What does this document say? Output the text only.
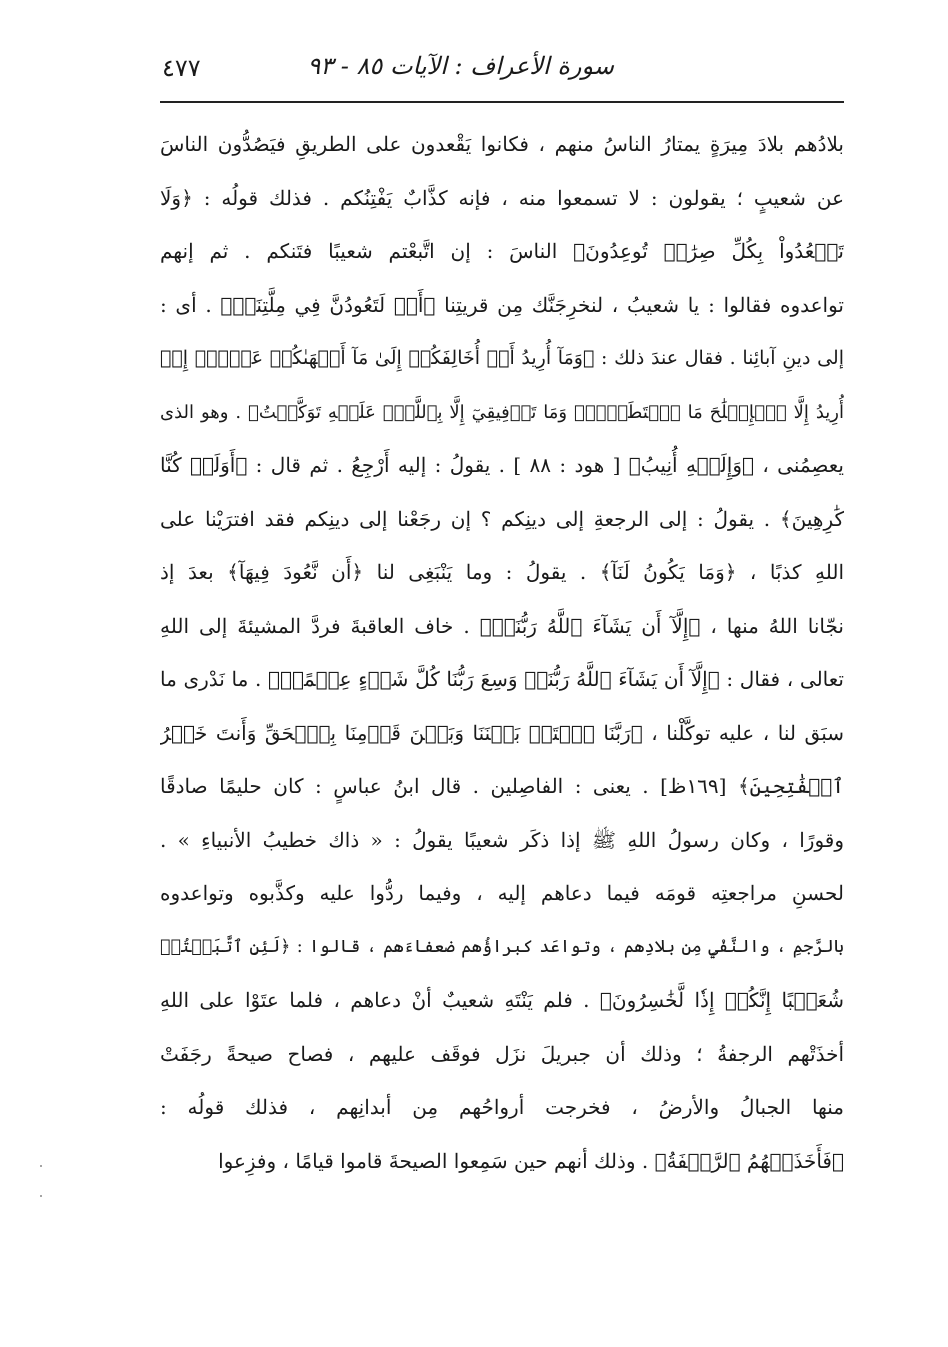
سورة الأعراف : الآيات ٨٥ - ٩٣
٤٧٧
بلادُهم بلادَ مِيرَةٍ يمتارُ الناسُ منهم ، فكانوا يَقْعدون على الطريقِ فيَصُدُّون الناسَ
عن شعيبٍ ؛ يقولون : لا تسمعوا منه ، فإنه كذَّابٌ يَفْتِنُكم . فذلك قولُه : ﴿وَلَا
تَقۡعُدُواْ بِكُلِّ صِرَٰطٖ تُوعِدُونَ﴾ الناسَ : إن اتَّبعْتم شعيبًا فتَنكم . ثم إنهم
تواعدوه فقالوا : يا شعيبُ ، لنخرِجَنَّك مِن قريتِنا ﴿أَوۡ لَتَعُودُنَّ فِي مِلَّتِنَاۚ﴾ . أى :
إلى دينِ آبائِنا . فقال عندَ ذلك : ﴿وَمَآ أُرِيدُ أَنۡ أُخَالِفَكُمۡ إِلَىٰ مَآ أَنۡهَىٰكُمۡ عَنۡهُۚ إِنۡ
أُرِيدُ إِلَّا ٱلۡإِصۡلَٰحَ مَا ٱسۡتَطَعۡتُۚ وَمَا تَوۡفِيقِيٓ إِلَّا بِٱللَّهِۚ عَلَيۡهِ تَوَكَّلۡتُ﴾ . وهو الذى
يعصِمُنى ، ﴿وَإِلَيۡهِ أُنِيبُ﴾ [ هود : ٨٨ ] . يقولُ : إليه أَرْجِعُ . ثم قال : ﴿أَوَلَوۡ كُنَّا
كَٰرِهِينَ﴾ . يقولُ : إلى الرجعةِ إلى دينِكم ؟ إن رجَعْنا إلى دينِكم فقد افترَيْنا على
اللهِ كذبًا ، ﴿وَمَا يَكُونُ لَنَآ﴾ . يقولُ : وما يَنْبَغِى لنا ﴿أَن نَّعُودَ فِيهَآ﴾ بعدَ إذ
نجّانا اللهُ منها ، ﴿إِلَّآ أَن يَشَآءَ ٱللَّهُ رَبُّنَاۚ﴾ . خاف العاقبةَ فردَّ المشيئةَ إلى اللهِ
تعالى ، فقال : ﴿إِلَّآ أَن يَشَآءَ ٱللَّهُ رَبُّنَاۚ وَسِعَ رَبُّنَا كُلَّ شَيۡءٍ عِلۡمًاۚ﴾ . ما نَدْرى ما
سبَق لنا ، عليه توكَّلْنا ، ﴿رَبَّنَا ٱفۡتَحۡ بَيۡنَنَا وَبَيۡنَ قَوۡمِنَا بِٱلۡحَقِّ وَأَنتَ خَيۡرُ
ٱلۡفَٰتِحِينَ﴾ [١٦٩ظ] . يعنى : الفاصِلين . قال ابنُ عباسٍ : كان حليمًا صادقًا
وقورًا ، وكان رسولُ اللهِ ﷺ إذا ذكَر شعيبًا يقولُ : « ذاك خطيبُ الأنبياءِ » .
لحسنِ مراجعتِه قومَه فيما دعاهم إليه ، وفيما ردُّوا عليه وكذَّبوه وتواعدوه
بالرَّجمِ ، والنَّفْيِ مِن بلادِهم ، وتواعَد كبراؤُهم ضعفاءَهم ، قالوا : ﴿لَئِنِ ٱتَّبَعۡتُمۡ
شُعَيۡبًا إِنَّكُمۡ إِذٗا لَّخَٰسِرُونَ﴾ . فلم يَنْتَهِ شعيبٌ أنْ دعاهم ، فلما عتَوْا على اللهِ
أخذَتْهم الرجفةُ ؛ وذلك أن جبريلَ نزَل فوقَف عليهم ، فصاح صيحةً رجَفَتْ
منها الجبالُ والأرضُ ، فخرجت أرواحُهم مِن أبدانِهم ، فذلك قولُه :
﴿فَأَخَذَتۡهُمُ ٱلرَّجۡفَةُ﴾ . وذلك أنهم حين سَمِعوا الصيحةَ قاموا قيامًا ، وفزِعوا
